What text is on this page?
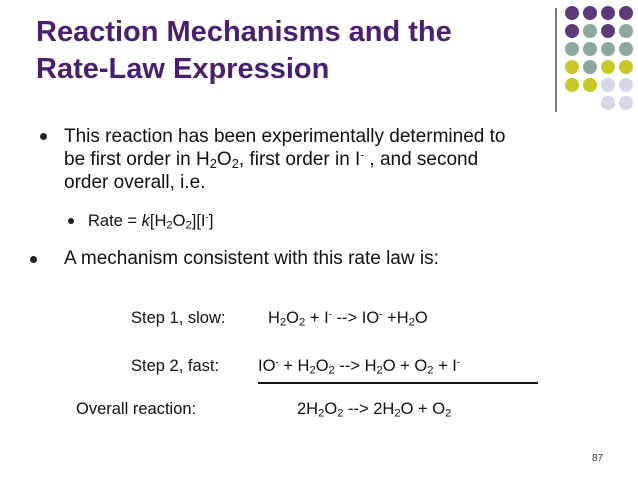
Reaction Mechanisms and the
Rate-Law Expression
This reaction has been experimentally determined to
be first order in $H_2O_2$, first order in I- , and second
order overall, i.e.
Rate = $k[H_2O_2][I^-]$
A mechanism consistent with this rate law is:
Step 1, slow:	$H_2O_2 + I^-$ --> $IO^- +H_2O$
Step 2, fast: $IO^- + H_2O_2$ --> $H_2O + O_2 + I^-$
Overall reaction:	$2H_2O_2$ --> $2H_2O + O_2$
87
